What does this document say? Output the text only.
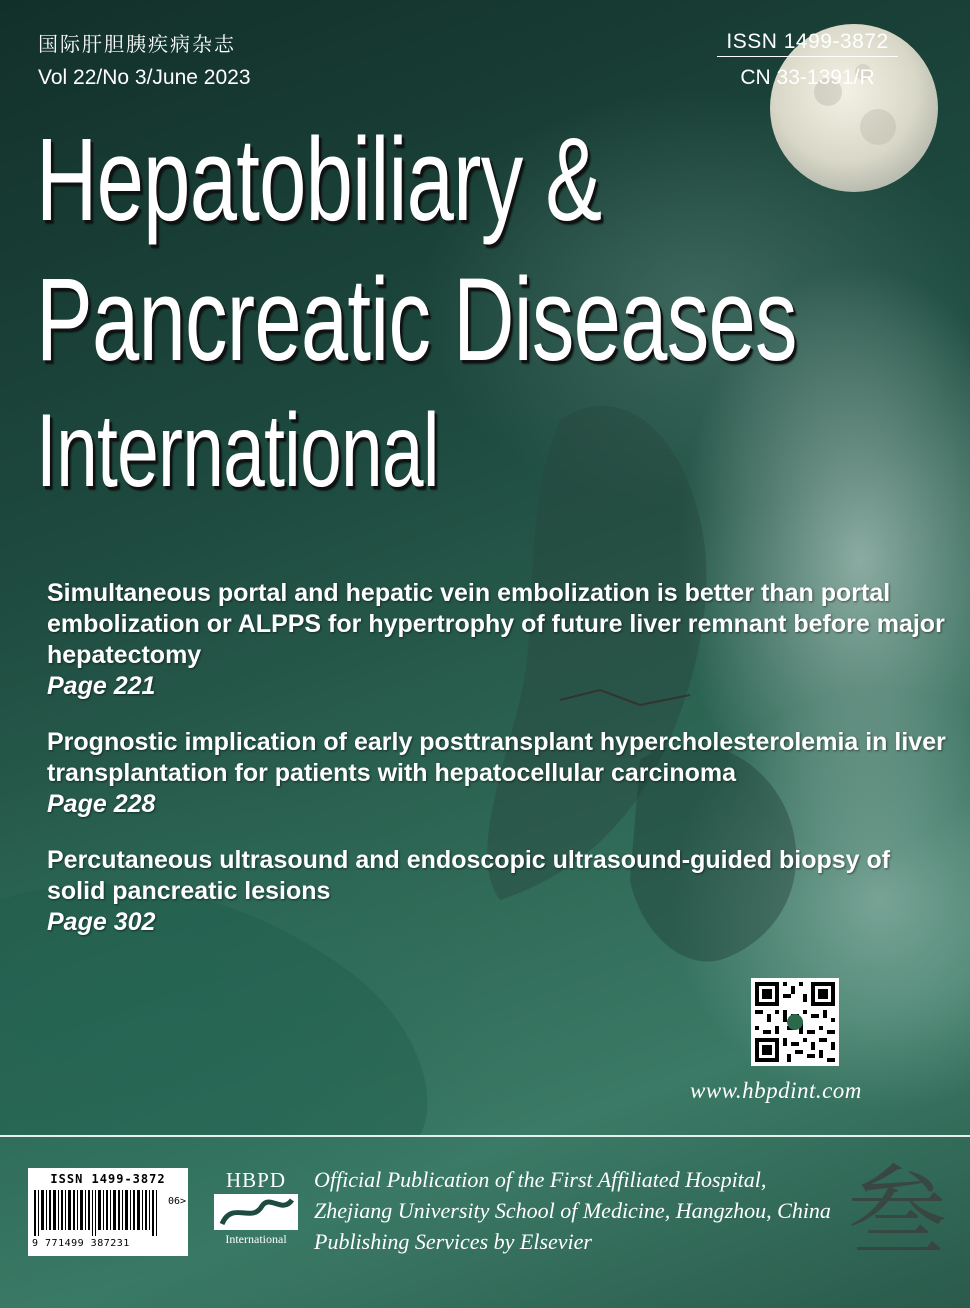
国际肝胆胰疾病杂志
Vol 22/No 3/June 2023
ISSN 1499-3872
CN 33-1391/R
Hepatobiliary &
Pancreatic Diseases
International
Simultaneous portal and hepatic vein embolization is better than portal embolization or ALPPS for hypertrophy of future liver remnant before major hepatectomy
Page 221
Prognostic implication of early posttransplant hypercholesterolemia in liver transplantation for patients with hepatocellular carcinoma
Page 228
Percutaneous ultrasound and endoscopic ultrasound-guided biopsy of solid pancreatic lesions
Page 302
www.hbpdint.com
ISSN 1499-3872
9 771499 387231
06>
HBPD
International
Official Publication of the First Affiliated Hospital,
Zhejiang University School of Medicine, Hangzhou, China
Publishing Services by Elsevier	叁
